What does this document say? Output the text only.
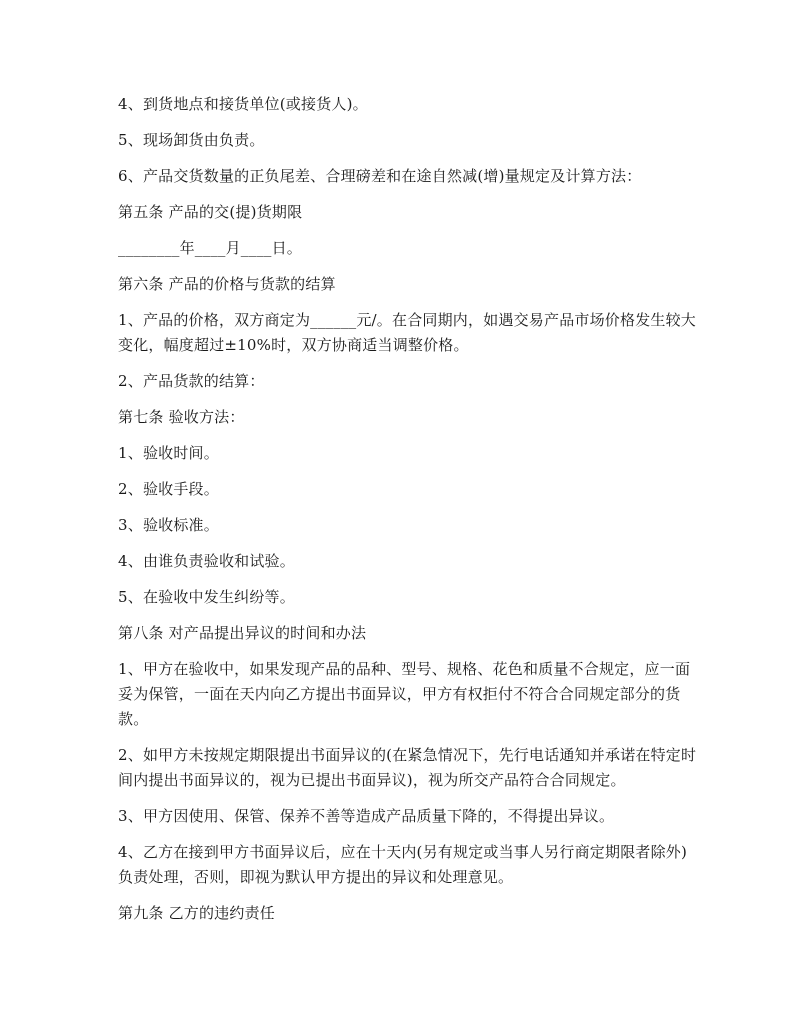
4、到货地点和接货单位(或接货人)。

5、现场卸货由负责。

6、产品交货数量的正负尾差、合理磅差和在途自然减(增)量规定及计算方法：

第五条 产品的交(提)货期限

________年____月____日。

第六条 产品的价格与货款的结算

1、产品的价格，双方商定为______元/。在合同期内，如遇交易产品市场价格发生较大变化，幅度超过±10%时，双方协商适当调整价格。

2、产品货款的结算：

第七条 验收方法：

1、验收时间。

2、验收手段。

3、验收标准。

4、由谁负责验收和试验。

5、在验收中发生纠纷等。

第八条 对产品提出异议的时间和办法

1、甲方在验收中，如果发现产品的品种、型号、规格、花色和质量不合规定，应一面妥为保管，一面在天内向乙方提出书面异议，甲方有权拒付不符合合同规定部分的货款。

2、如甲方未按规定期限提出书面异议的(在紧急情况下，先行电话通知并承诺在特定时间内提出书面异议的，视为已提出书面异议)，视为所交产品符合合同规定。

3、甲方因使用、保管、保养不善等造成产品质量下降的，不得提出异议。

4、乙方在接到甲方书面异议后，应在十天内(另有规定或当事人另行商定期限者除外)负责处理，否则，即视为默认甲方提出的异议和处理意见。

第九条 乙方的违约责任
